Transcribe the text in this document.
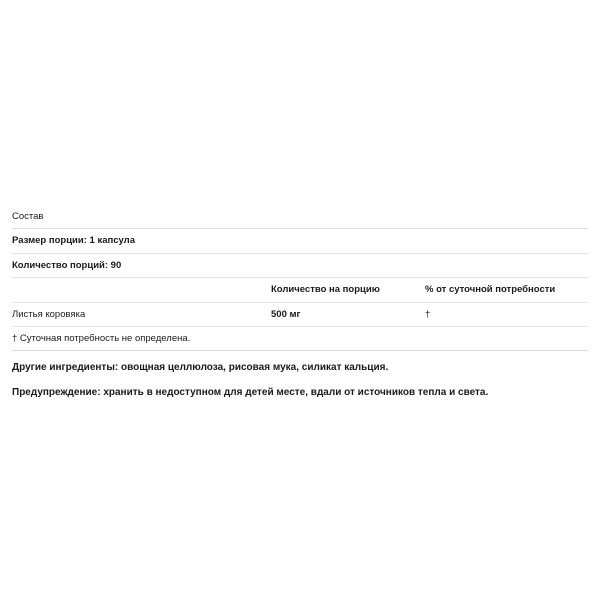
Состав		
Размер порции: 1 капсула		
Количество порций: 90		
	Количество на порцию	% от суточной потребности
Листья коровяка	500 мг	†
† Суточная потребность не определена.
Другие ингредиенты: овощная целлюлоза, рисовая мука, силикат кальция.
Предупреждение: хранить в недоступном для детей месте, вдали от источников тепла и света.
